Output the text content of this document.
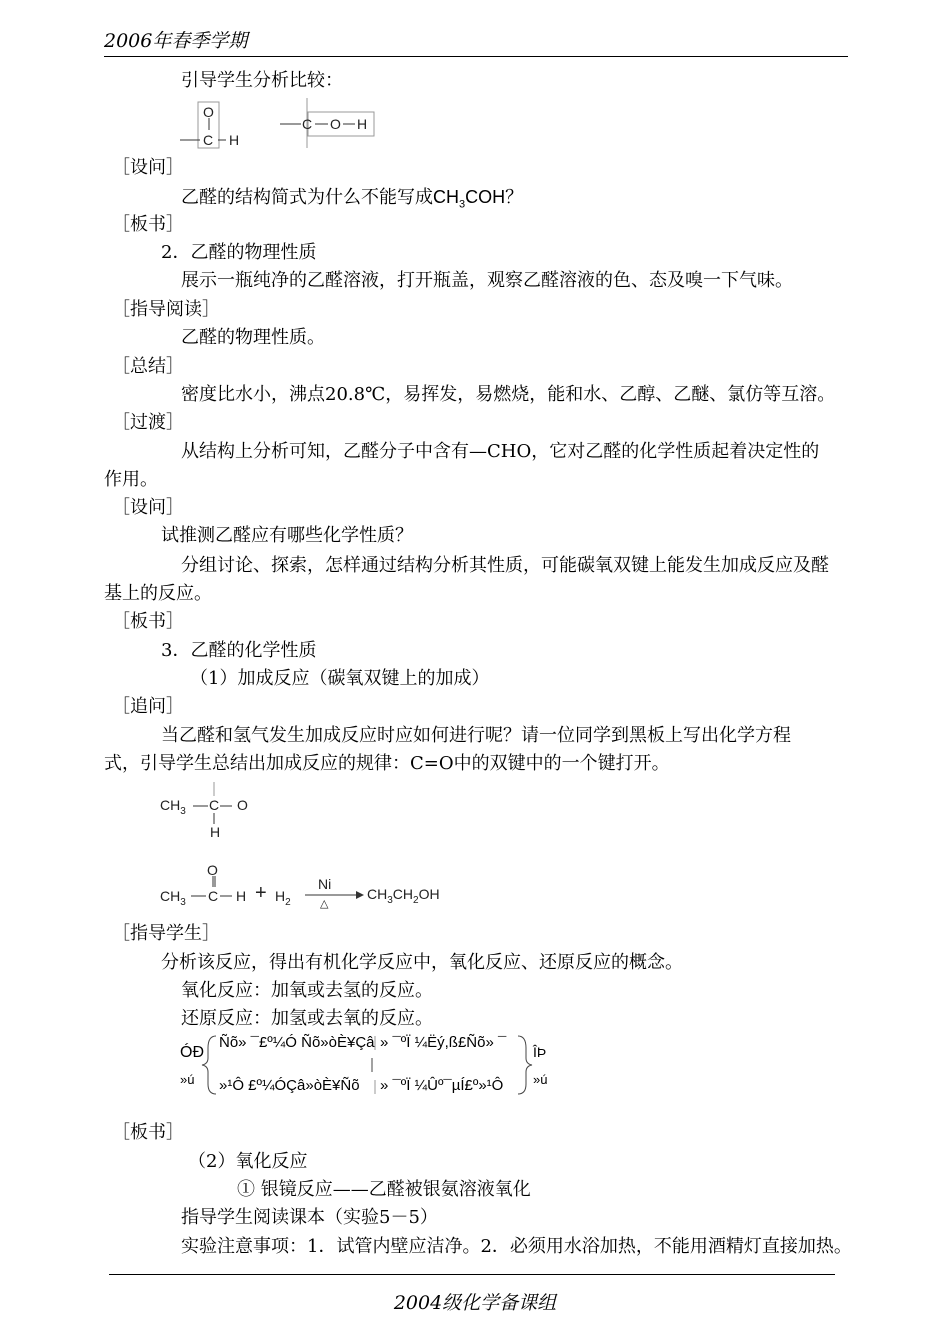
2006年春季学期
引导学生分析比较：
O
C H
C O H
［设问］
乙醛的结构简式为什么不能写成$CH_3COH$？
［板书］
2．乙醛的物理性质
展示一瓶纯净的乙醛溶液，打开瓶盖，观察乙醛溶液的色、态及嗅一下气味。
［指导阅读］
乙醛的物理性质。
［总结］
密度比水小，沸点20.8℃，易挥发，易燃烧，能和水、乙醇、乙醚、氯仿等互溶。
［过渡］
从结构上分析可知，乙醛分子中含有—CHO，它对乙醛的化学性质起着决定性的
作用。
［设问］
试推测乙醛应有哪些化学性质？
分组讨论、探索，怎样通过结构分析其性质，可能碳氧双键上能发生加成反应及醛
基上的反应。
［板书］
3．乙醛的化学性质
（1）加成反应（碳氧双键上的加成）
［追问］
当乙醛和氢气发生加成反应时应如何进行呢？请一位同学到黑板上写出化学方程
式，引导学生总结出加成反应的规律：C=O中的双键中的一个键打开。
$CH_3$ C O
H
O
$CH_3$ C $H + H_2$
Ni
△
$CH_3CH_2OH$
［指导学生］
分析该反应，得出有机化学反应中，氧化反应、还原反应的概念。
氧化反应：加氧或去氢的反应。
还原反应：加氢或去氧的反应。
ÓÐ
»ú
Ñõ» ¯£º¼Ó Ñõ»òÈ¥Çâ » ¯ºÏ ¼Ëý,ß£Ñõ» ¯
»¹Ô £º¼ÓÇâ»òÈ¥Ñõ » ¯ºÏ ¼Ûº¯µÍ£º»¹Ô
ÎÞ
»ú
［板书］
（2）氧化反应
① 银镜反应——乙醛被银氨溶液氧化
指导学生阅读课本（实验5－5）
实验注意事项：1．试管内壁应洁净。2．必须用水浴加热，不能用酒精灯直接加热。
2004级化学备课组
